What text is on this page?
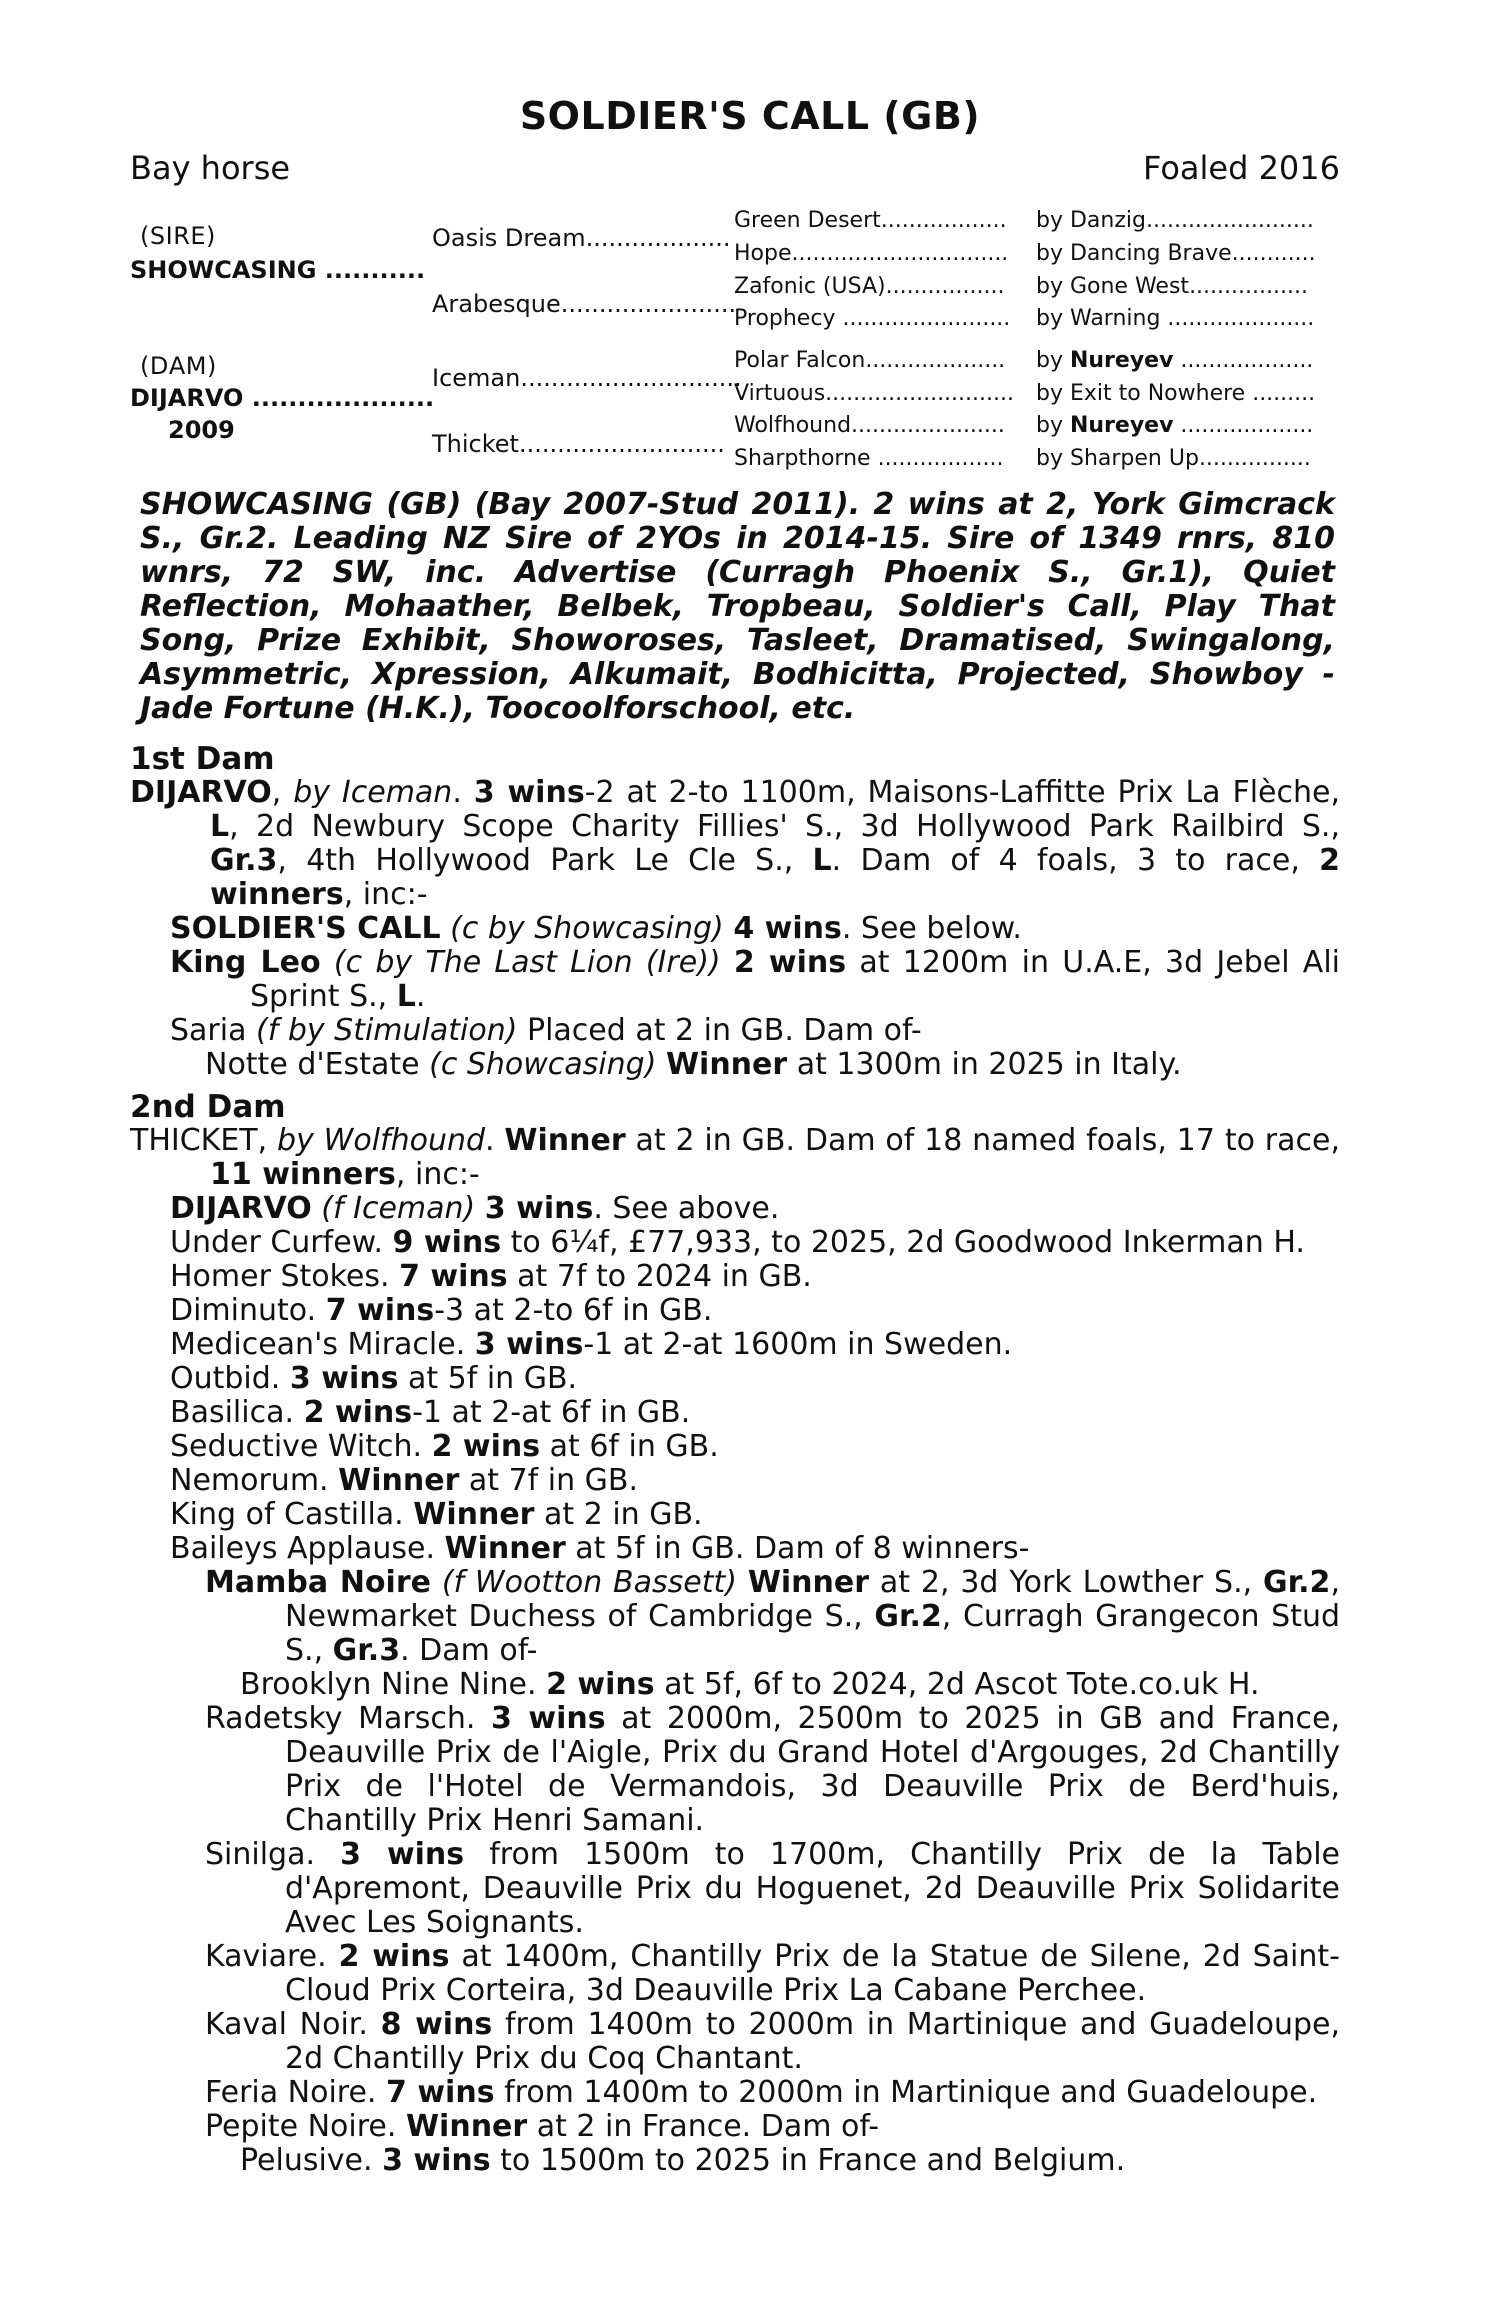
SOLDIER'S CALL (GB)
Bay horse	Foaled 2016
(SIRE)
SHOWCASING ...........
(DAM)
DIJARVO ....................
2009
Oasis Dream...................
Arabesque.......................
Iceman.............................
Thicket...........................
Green Desert..................
Hope...............................
Zafonic (USA).................
Prophecy ........................
Polar Falcon....................
Virtuous...........................
Wolfhound......................
Sharpthorne ..................
by Danzig........................
by Dancing Brave............
by Gone West.................
by Warning .....................
by Nureyev ...................
by Exit to Nowhere .........
by Nureyev ...................
by Sharpen Up................
SHOWCASING (GB) (Bay 2007-Stud 2011). 2 wins at 2, York Gimcrack S., Gr.2. Leading NZ Sire of 2YOs in 2014-15. Sire of 1349 rnrs, 810 wnrs, 72 SW, inc. Advertise (Curragh Phoenix S., Gr.1), Quiet Reflection, Mohaather, Belbek, Tropbeau, Soldier's Call, Play That Song, Prize Exhibit, Showoroses, Tasleet, Dramatised, Swingalong, Asymmetric, Xpression, Alkumait, Bodhicitta, Projected, Showboy - Jade Fortune (H.K.), Toocoolforschool, etc.
1st Dam
DIJARVO, by Iceman. 3 wins-2 at 2-to 1100m, Maisons-Laffitte Prix La Flèche, L, 2d Newbury Scope Charity Fillies' S., 3d Hollywood Park Railbird S., Gr.3, 4th Hollywood Park Le Cle S., L. Dam of 4 foals, 3 to race, 2 winners, inc:-
SOLDIER'S CALL (c by Showcasing) 4 wins. See below.
King Leo (c by The Last Lion (Ire)) 2 wins at 1200m in U.A.E, 3d Jebel Ali Sprint S., L.
Saria (f by Stimulation) Placed at 2 in GB. Dam of-
Notte d'Estate (c Showcasing) Winner at 1300m in 2025 in Italy.
2nd Dam
THICKET, by Wolfhound. Winner at 2 in GB. Dam of 18 named foals, 17 to race, 11 winners, inc:-
DIJARVO (f Iceman) 3 wins. See above.
Under Curfew. 9 wins to 6¼f, £77,933, to 2025, 2d Goodwood Inkerman H.
Homer Stokes. 7 wins at 7f to 2024 in GB.
Diminuto. 7 wins-3 at 2-to 6f in GB.
Medicean's Miracle. 3 wins-1 at 2-at 1600m in Sweden.
Outbid. 3 wins at 5f in GB.
Basilica. 2 wins-1 at 2-at 6f in GB.
Seductive Witch. 2 wins at 6f in GB.
Nemorum. Winner at 7f in GB.
King of Castilla. Winner at 2 in GB.
Baileys Applause. Winner at 5f in GB. Dam of 8 winners-
Mamba Noire (f Wootton Bassett) Winner at 2, 3d York Lowther S., Gr.2, Newmarket Duchess of Cambridge S., Gr.2, Curragh Grangecon Stud S., Gr.3. Dam of-
Brooklyn Nine Nine. 2 wins at 5f, 6f to 2024, 2d Ascot Tote.co.uk H.
Radetsky Marsch. 3 wins at 2000m, 2500m to 2025 in GB and France, Deauville Prix de l'Aigle, Prix du Grand Hotel d'Argouges, 2d Chantilly Prix de l'Hotel de Vermandois, 3d Deauville Prix de Berd'huis, Chantilly Prix Henri Samani.
Sinilga. 3 wins from 1500m to 1700m, Chantilly Prix de la Table d'Apremont, Deauville Prix du Hoguenet, 2d Deauville Prix Solidarite Avec Les Soignants.
Kaviare. 2 wins at 1400m, Chantilly Prix de la Statue de Silene, 2d Saint-Cloud Prix Corteira, 3d Deauville Prix La Cabane Perchee.
Kaval Noir. 8 wins from 1400m to 2000m in Martinique and Guadeloupe, 2d Chantilly Prix du Coq Chantant.
Feria Noire. 7 wins from 1400m to 2000m in Martinique and Guadeloupe.
Pepite Noire. Winner at 2 in France. Dam of-
Pelusive. 3 wins to 1500m to 2025 in France and Belgium.
